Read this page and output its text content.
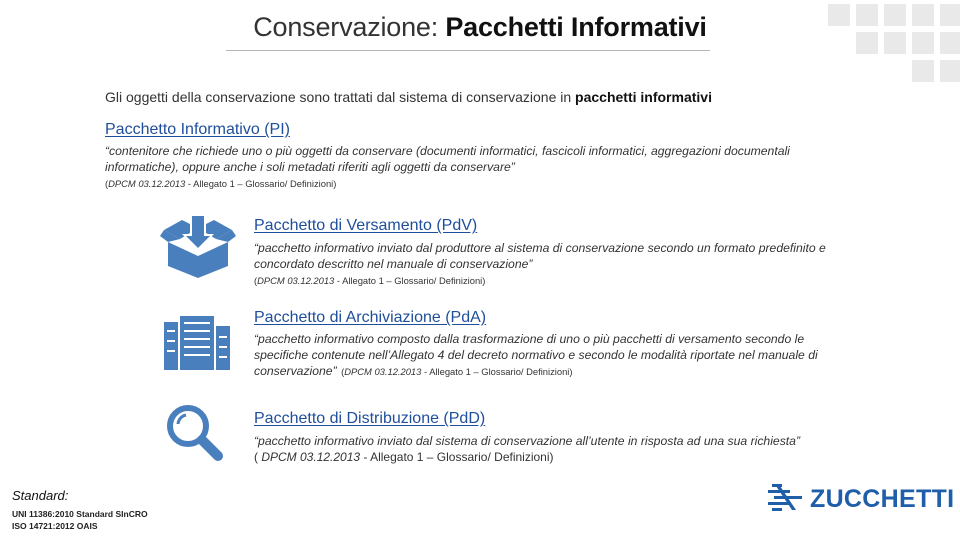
Conservazione: Pacchetti Informativi
Gli oggetti della conservazione sono trattati dal sistema di conservazione in pacchetti informativi
Pacchetto Informativo (PI)
“contenitore che richiede uno o più oggetti da conservare (documenti informatici, fascicoli informatici, aggregazioni documentali
informatiche), oppure anche i soli metadati riferiti agli oggetti da conservare”
(DPCM 03.12.2013 - Allegato 1 – Glossario/ Definizioni)
Pacchetto di Versamento (PdV)
“pacchetto informativo inviato dal produttore al sistema di conservazione secondo un formato predefinito e
concordato descritto nel manuale di conservazione”
(DPCM 03.12.2013 - Allegato 1 – Glossario/ Definizioni)
Pacchetto di Archiviazione (PdA)
“pacchetto informativo composto dalla trasformazione di uno o più pacchetti di versamento secondo le
specifiche contenute nell’Allegato 4 del decreto normativo e secondo le modalità riportate nel manuale di
conservazione” (DPCM 03.12.2013 - Allegato 1 – Glossario/ Definizioni)
Pacchetto di Distribuzione (PdD)
“pacchetto informativo inviato dal sistema di conservazione all’utente in risposta ad una sua richiesta”
( DPCM 03.12.2013 - Allegato 1 – Glossario/ Definizioni)
Standard:
UNI 11386:2010 Standard SInCRO
ISO 14721:2012 OAIS
ZUCCHETTI
